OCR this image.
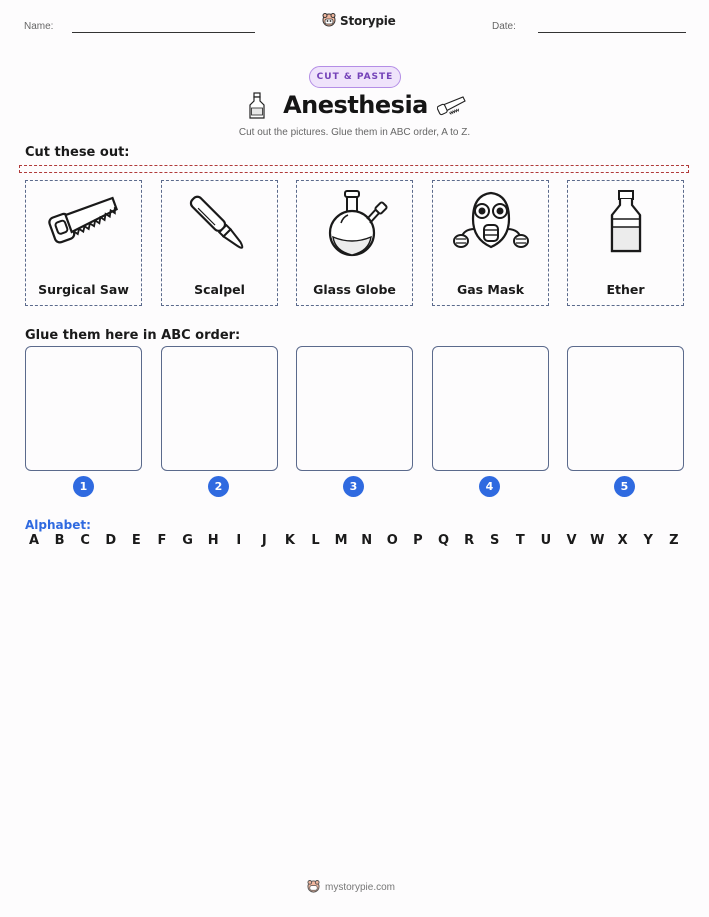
Name:	Storypie	Date:
CUT & PASTE
Anesthesia
Cut out the pictures. Glue them in ABC order, A to Z.
Cut these out:
Surgical Saw	Scalpel	Glass Globe	Gas Mask	Ether
Glue them here in ABC order:
1	2	3	4	5
Alphabet:
A B C D E F G H	I	J	K L M N O P Q R S T U V W X Y Z
mystorypie.com
